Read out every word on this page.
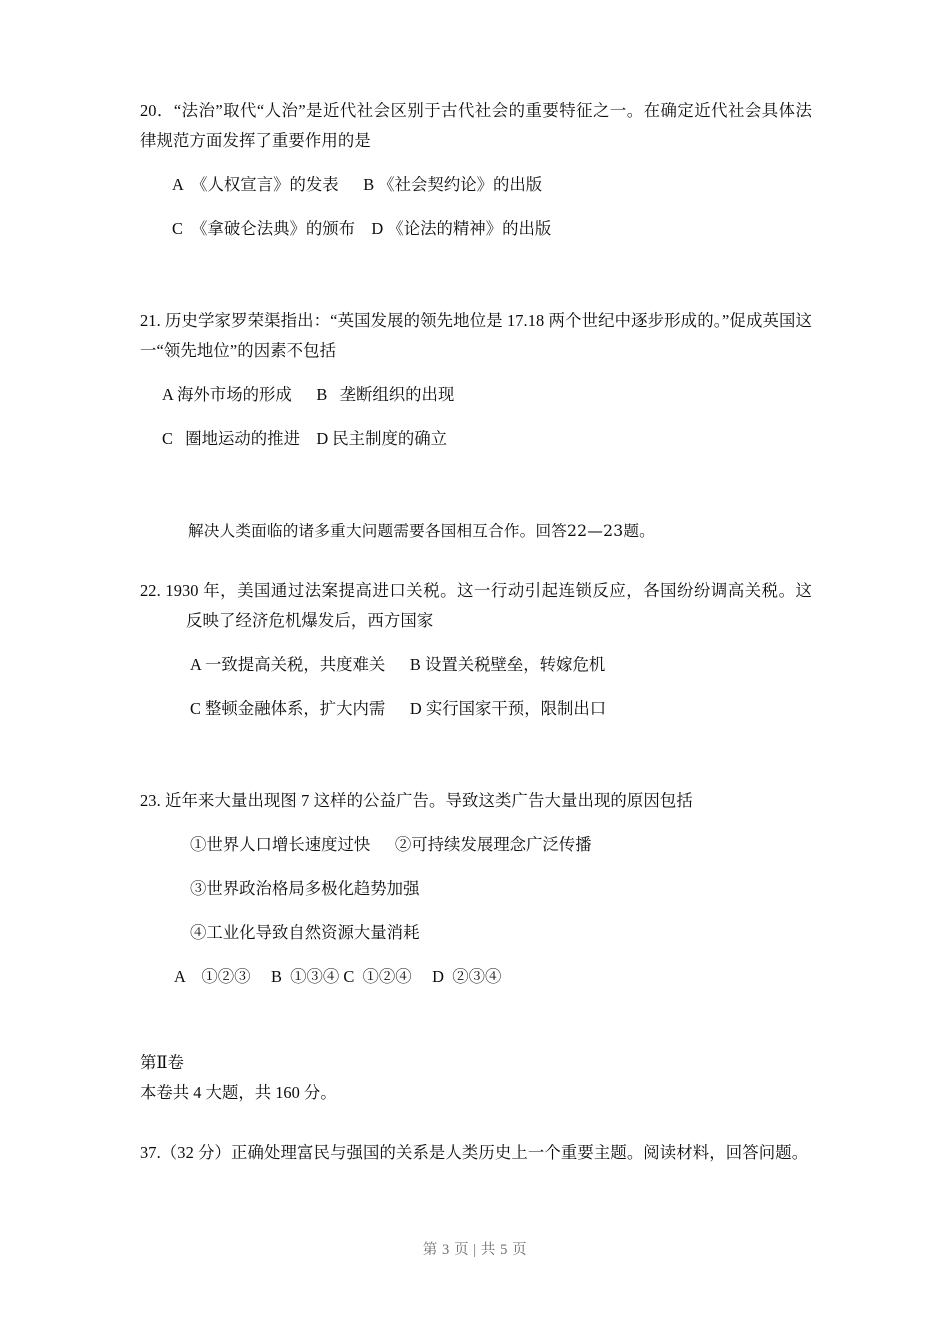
20．“法治”取代“人治”是近代社会区别于古代社会的重要特征之一。在确定近代社会具体法律规范方面发挥了重要作用的是

A  《人权宣言》的发表      B 《社会契约论》的出版

C  《拿破仑法典》的颁布    D 《论法的精神》的出版

21. 历史学家罗荣渠指出：“英国发展的领先地位是 17.18 两个世纪中逐步形成的。”促成英国这一“领先地位”的因素不包括

A 海外市场的形成      B   垄断组织的出现

C   圈地运动的推进    D 民主制度的确立

解决人类面临的诸多重大问题需要各国相互合作。回答22—23题。

22. 1930 年，美国通过法案提高进口关税。这一行动引起连锁反应，各国纷纷调高关税。这反映了经济危机爆发后，西方国家

A 一致提高关税，共度难关      B 设置关税壁垒，转嫁危机

C 整顿金融体系，扩大内需      D 实行国家干预，限制出口

23. 近年来大量出现图 7 这样的公益广告。导致这类广告大量出现的原因包括

①世界人口增长速度过快      ②可持续发展理念广泛传播

③世界政治格局多极化趋势加强

④工业化导致自然资源大量消耗

A    ①②③     B  ①③④ C  ①②④     D  ②③④

第Ⅱ卷

本卷共 4 大题，共 160 分。

37.（32 分）正确处理富民与强国的关系是人类历史上一个重要主题。阅读材料，回答问题。

第 3 页 | 共 5 页
